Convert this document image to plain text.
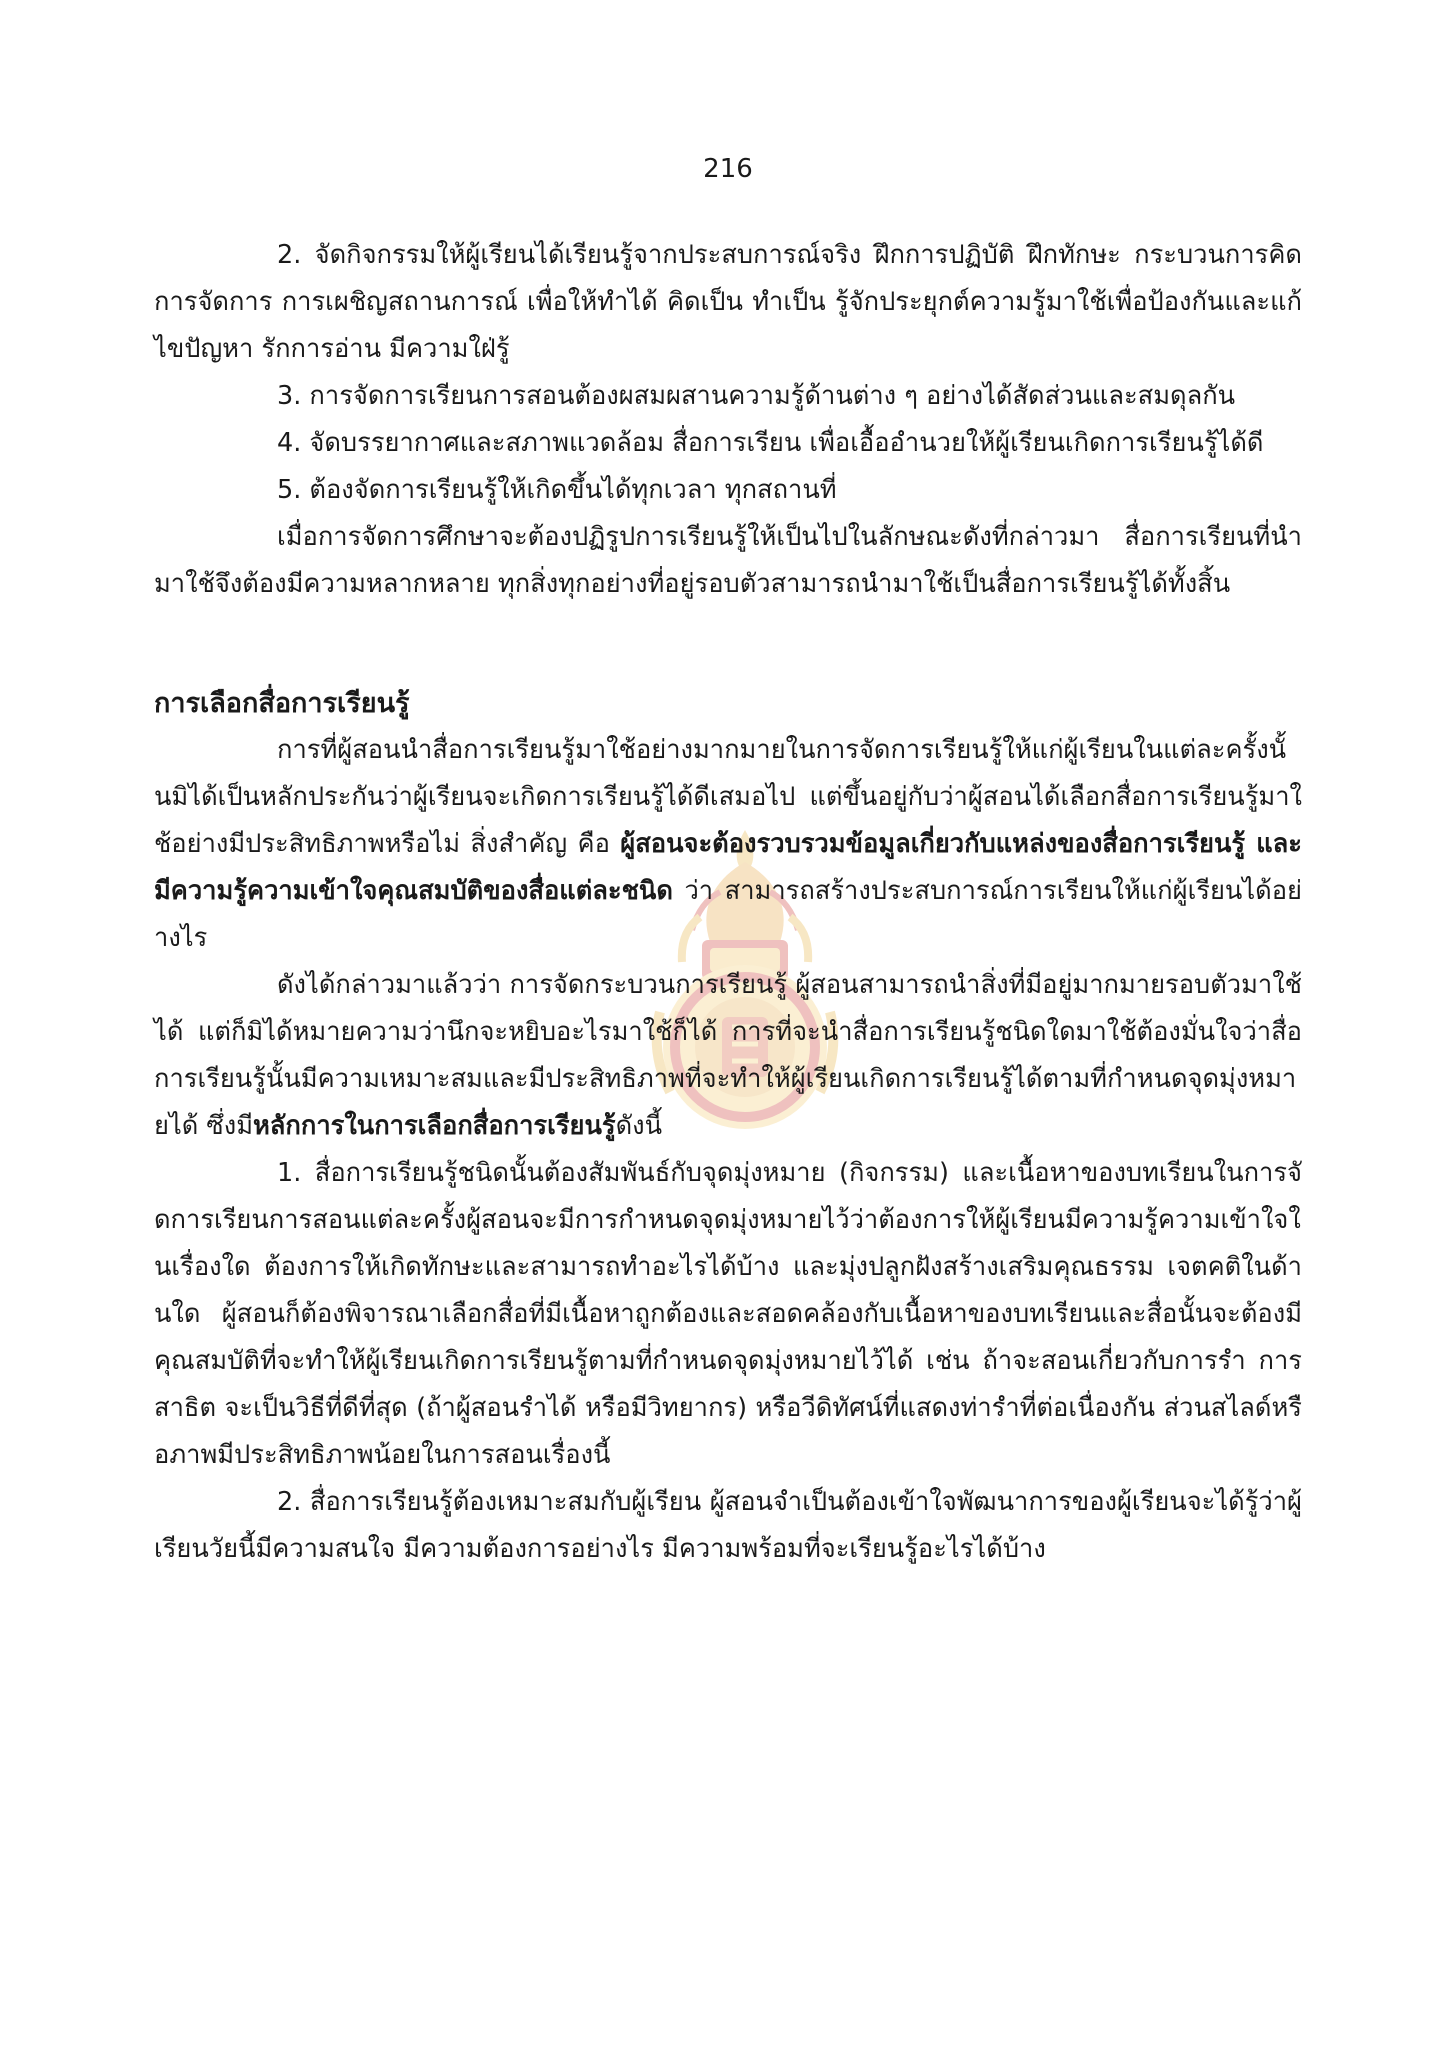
216

2. จัดกิจกรรมให้ผู้เรียนได้เรียนรู้จากประสบการณ์จริง ฝึกการปฏิบัติ ฝึกทักษะ กระบวนการคิด การจัดการ การเผชิญสถานการณ์ เพื่อให้ทำได้ คิดเป็น ทำเป็น รู้จักประยุกต์ความรู้มาใช้เพื่อป้องกันและแก้ไขปัญหา รักการอ่าน มีความใฝ่รู้

3. การจัดการเรียนการสอนต้องผสมผสานความรู้ด้านต่าง ๆ อย่างได้สัดส่วนและสมดุลกัน

4. จัดบรรยากาศและสภาพแวดล้อม สื่อการเรียน เพื่อเอื้ออำนวยให้ผู้เรียนเกิดการเรียนรู้ได้ดี

5. ต้องจัดการเรียนรู้ให้เกิดขึ้นได้ทุกเวลา ทุกสถานที่

เมื่อการจัดการศึกษาจะต้องปฏิรูปการเรียนรู้ให้เป็นไปในลักษณะดังที่กล่าวมา สื่อการเรียนที่นำมาใช้จึงต้องมีความหลากหลาย ทุกสิ่งทุกอย่างที่อยู่รอบตัวสามารถนำมาใช้เป็นสื่อการเรียนรู้ได้ทั้งสิ้น

การเลือกสื่อการเรียนรู้

การที่ผู้สอนนำสื่อการเรียนรู้มาใช้อย่างมากมายในการจัดการเรียนรู้ให้แก่ผู้เรียนในแต่ละครั้งนั้นมิได้เป็นหลักประกันว่าผู้เรียนจะเกิดการเรียนรู้ได้ดีเสมอไป แต่ขึ้นอยู่กับว่าผู้สอนได้เลือกสื่อการเรียนรู้มาใช้อย่างมีประสิทธิภาพหรือไม่ สิ่งสำคัญ คือ ผู้สอนจะต้องรวบรวมข้อมูลเกี่ยวกับแหล่งของสื่อการเรียนรู้ และมีความรู้ความเข้าใจคุณสมบัติของสื่อแต่ละชนิด ว่า สามารถสร้างประสบการณ์การเรียนให้แก่ผู้เรียนได้อย่างไร

ดังได้กล่าวมาแล้วว่า การจัดกระบวนการเรียนรู้ ผู้สอนสามารถนำสิ่งที่มีอยู่มากมายรอบตัวมาใช้ได้ แต่ก็มิได้หมายความว่านึกจะหยิบอะไรมาใช้ก็ได้ การที่จะนำสื่อการเรียนรู้ชนิดใดมาใช้ต้องมั่นใจว่าสื่อการเรียนรู้นั้นมีความเหมาะสมและมีประสิทธิภาพที่จะทำให้ผู้เรียนเกิดการเรียนรู้ได้ตามที่กำหนดจุดมุ่งหมายได้ ซึ่งมีหลักการในการเลือกสื่อการเรียนรู้ดังนี้

1. สื่อการเรียนรู้ชนิดนั้นต้องสัมพันธ์กับจุดมุ่งหมาย (กิจกรรม) และเนื้อหาของบทเรียนในการจัดการเรียนการสอนแต่ละครั้งผู้สอนจะมีการกำหนดจุดมุ่งหมายไว้ว่าต้องการให้ผู้เรียนมีความรู้ความเข้าใจในเรื่องใด ต้องการให้เกิดทักษะและสามารถทำอะไรได้บ้าง และมุ่งปลูกฝังสร้างเสริมคุณธรรม เจตคติในด้านใด ผู้สอนก็ต้องพิจารณาเลือกสื่อที่มีเนื้อหาถูกต้องและสอดคล้องกับเนื้อหาของบทเรียนและสื่อนั้นจะต้องมีคุณสมบัติที่จะทำให้ผู้เรียนเกิดการเรียนรู้ตามที่กำหนดจุดมุ่งหมายไว้ได้ เช่น ถ้าจะสอนเกี่ยวกับการรำ การสาธิต จะเป็นวิธีที่ดีที่สุด (ถ้าผู้สอนรำได้ หรือมีวิทยากร) หรือวีดิทัศน์ที่แสดงท่ารำที่ต่อเนื่องกัน ส่วนสไลด์หรือภาพมีประสิทธิภาพน้อยในการสอนเรื่องนี้

2. สื่อการเรียนรู้ต้องเหมาะสมกับผู้เรียน ผู้สอนจำเป็นต้องเข้าใจพัฒนาการของผู้เรียนจะได้รู้ว่าผู้เรียนวัยนี้มีความสนใจ มีความต้องการอย่างไร มีความพร้อมที่จะเรียนรู้อะไรได้บ้าง
